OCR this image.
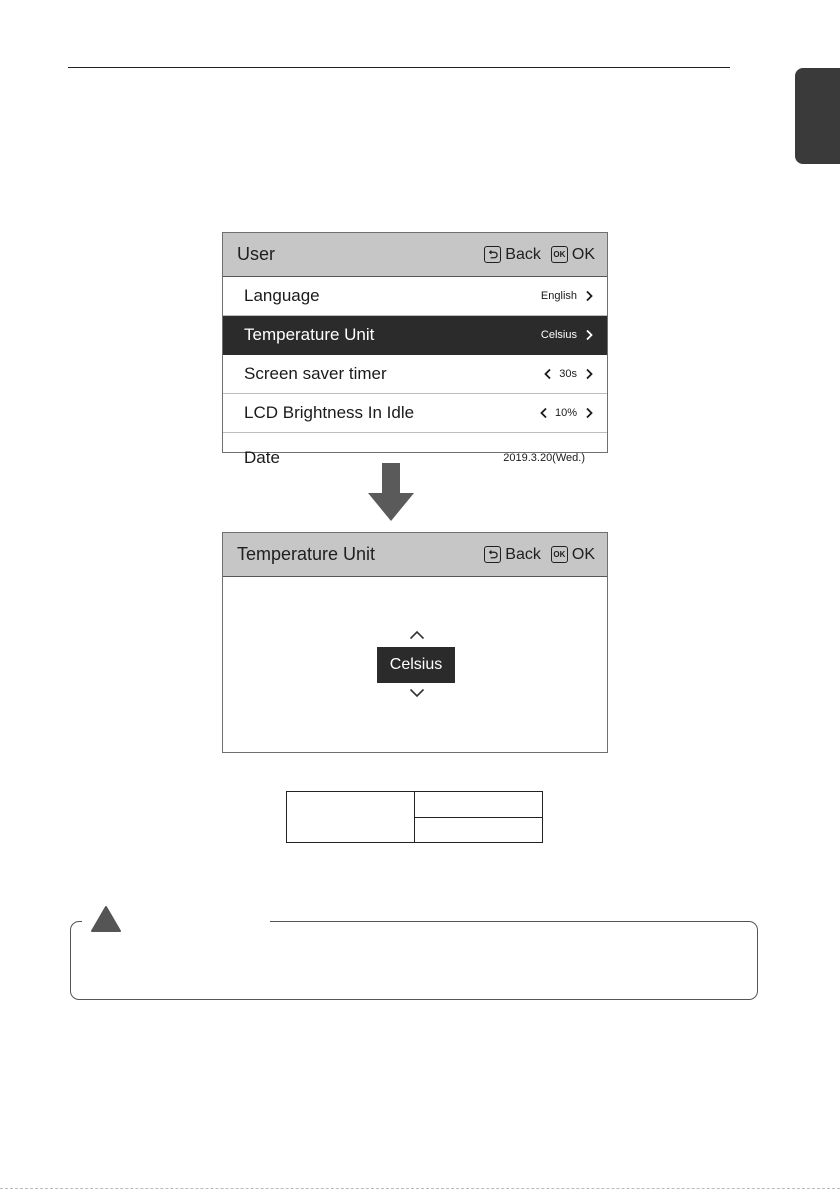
User	Back	OK OK
Language	English
Temperature Unit	Celsius
Screen saver timer	30s
LCD Brightness In Idle	10%
Date	2019.3.20(Wed.)
Temperature Unit	Back	OK OK
Celsius
